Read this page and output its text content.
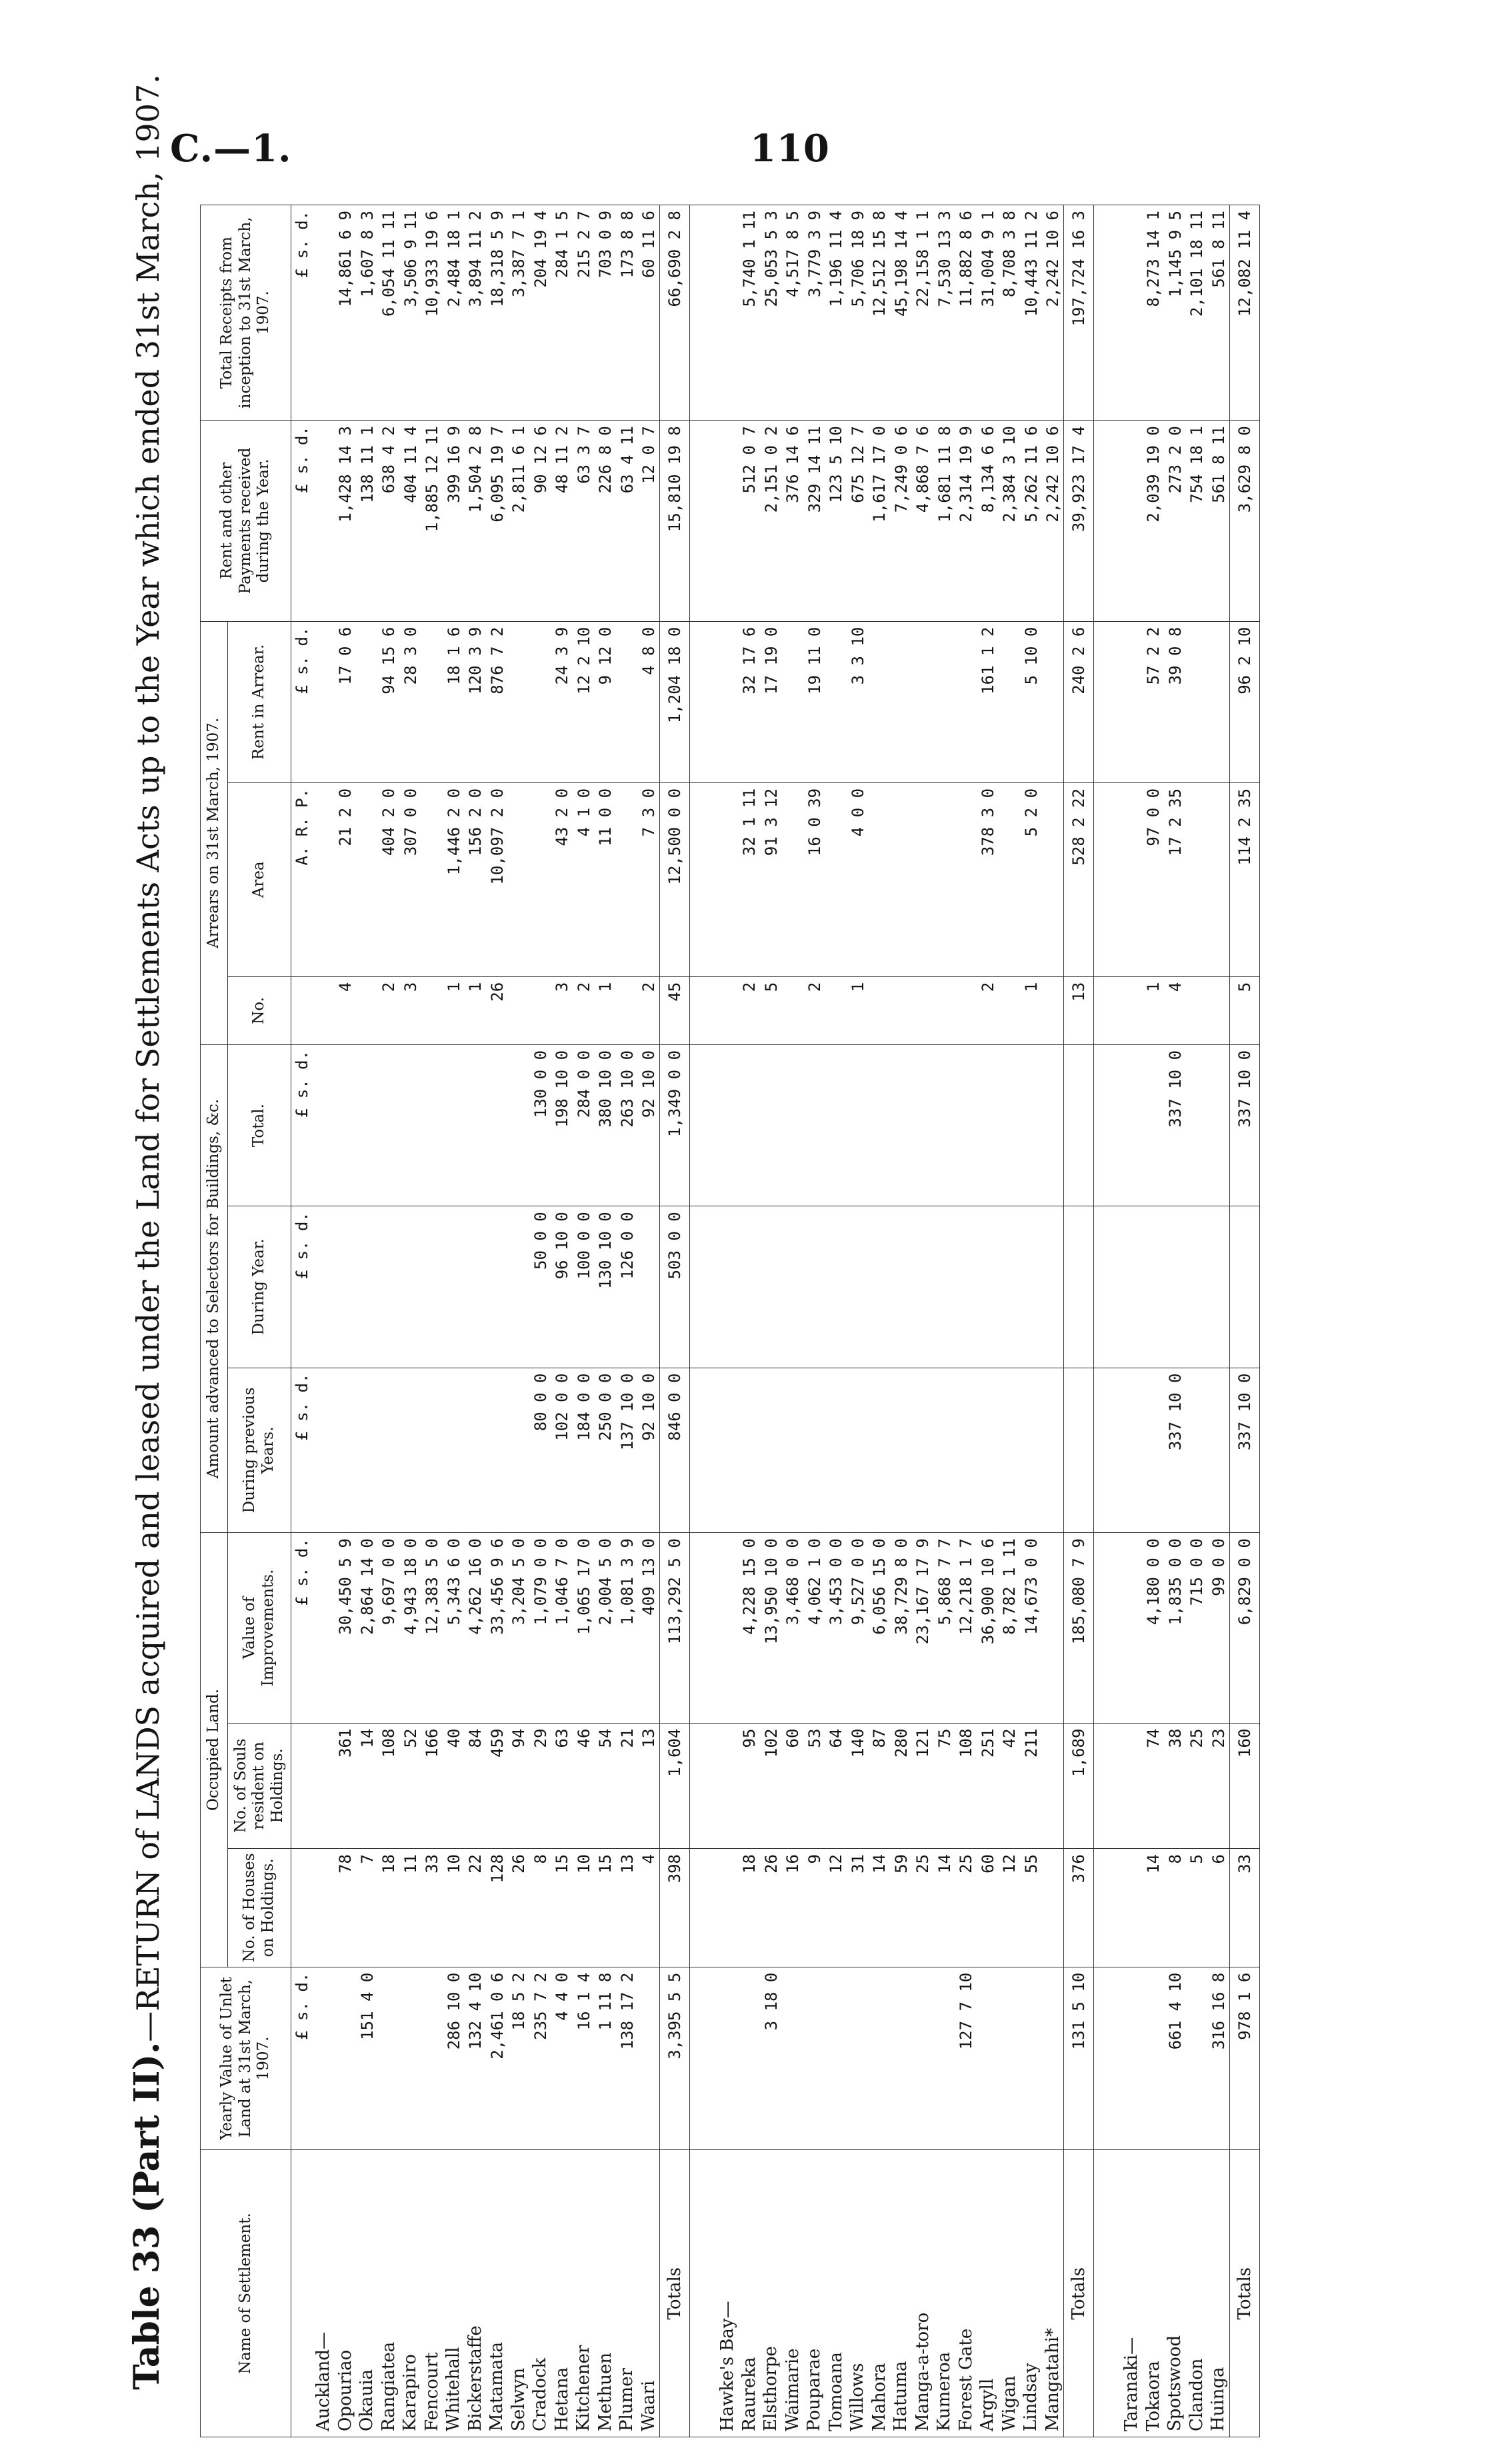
C.—1.	110
Table 33 (Part II).—RETURN of LANDS acquired and leased under the Land for Settlements Acts up to the Year which ended 31st March, 1907.
Name of Settlement.	Yearly Value of Unlet Land at 31st March, 1907.	Occupied Land.			Amount advanced to Selectors for Buildings, &c.			Arrears on 31st March, 1907.			Rent and other Payments received during the Year.	Total Receipts from inception to 31st March, 1907.
		No. of Houses on Holdings.	No. of Souls resident on Holdings.	Value of Improvements.	During previous Years.	During Year.	Total.	No.	Area	Rent in Arrear.		
	£ s. d.			£ s. d.	£ s. d.	£ s. d.	£ s. d.		A. R. P.	£ s. d.	£ s. d.	£ s. d.
Auckland—												
Opouriao		78	361	30,450 5 9				4	21 2 0	17 0 6	1,428 14 3	14,861 6 9
Okauia	151 4 0	7	14	2,864 14 0							138 11 1	1,607 8 3
Rangiatea		18	108	9,697 0 0				2	404 2 0	94 15 6	638 4 2	6,054 11 11
Karapiro		11	52	4,943 18 0				3	307 0 0	28 3 0	404 11 4	3,506 9 11
Fencourt		33	166	12,383 5 0							1,885 12 11	10,933 19 6
Whitehall	286 10 0	10	40	5,343 6 0				1	1,446 2 0	18 1 6	399 16 9	2,484 18 1
Bickerstaffe	132 4 10	22	84	4,262 16 0				1	156 2 0	120 3 9	1,504 2 8	3,894 11 2
Matamata	2,461 0 6	128	459	33,456 9 6				26	10,097 2 0	876 7 2	6,095 19 7	18,318 5 9
Selwyn	18 5 2	26	94	3,204 5 0							2,811 6 1	3,387 7 1
Cradock	235 7 2	8	29	1,079 0 0	80 0 0	50 0 0	130 0 0				90 12 6	204 19 4
Hetana	4 4 0	15	63	1,046 7 0	102 0 0	96 10 0	198 10 0	3	43 2 0	24 3 9	48 11 2	284 1 5
Kitchener	16 1 4	10	46	1,065 17 0	184 0 0	100 0 0	284 0 0	2	4 1 0	12 2 10	63 3 7	215 2 7
Methuen	1 11 8	15	54	2,004 5 0	250 0 0	130 10 0	380 10 0	1	11 0 0	9 12 0	226 8 0	703 0 9
Plumer	138 17 2	13	21	1,081 3 9	137 10 0	126 0 0	263 10 0				63 4 11	173 8 8
Waari		4	13	409 13 0	92 10 0		92 10 0	2	7 3 0	4 8 0	12 0 7	60 11 6
Totals	3,395 5 5	398	1,604	113,292 5 0	846 0 0	503 0 0	1,349 0 0	45	12,500 0 0	1,204 18 0	15,810 19 8	66,690 2 8

Hawke's Bay—												
Raureka		18	95	4,228 15 0				2	32 1 11	32 17 6	512 0 7	5,740 1 11
Elsthorpe	3 18 0	26	102	13,950 10 0				5	91 3 12	17 19 0	2,151 0 2	25,053 5 3
Waimarie		16	60	3,468 0 0							376 14 6	4,517 8 5
Pouparae		9	53	4,062 1 0				2	16 0 39	19 11 0	329 14 11	3,779 3 9
Tomoana		12	64	3,453 0 0							123 5 10	1,196 11 4
Willows		31	140	9,527 0 0				1	4 0 0	3 3 10	675 12 7	5,706 18 9
Mahora		14	87	6,056 15 0							1,617 17 0	12,512 15 8
Hatuma		59	280	38,729 8 0							7,249 0 6	45,198 14 4
Manga-a-toro		25	121	23,167 17 9							4,868 7 6	22,158 1 1
Kumeroa		14	75	5,868 7 7							1,681 11 8	7,530 13 3
Forest Gate	127 7 10	25	108	12,218 1 7							2,314 19 9	11,882 8 6
Argyll		60	251	36,900 10 6				2	378 3 0	161 1 2	8,134 6 6	31,004 9 1
Wigan		12	42	8,782 1 11							2,384 3 10	8,708 3 8
Lindsay		55	211	14,673 0 0				1	5 2 0	5 10 0	5,262 11 6	10,443 11 2
Mangatahi*											2,242 10 6	2,242 10 6
Totals	131 5 10	376	1,689	185,080 7 9				13	528 2 22	240 2 6	39,923 17 4	197,724 16 3

Taranaki—												
Tokaora		14	74	4,180 0 0				1	97 0 0	57 2 2	2,039 19 0	8,273 14 1
Spotswood	661 4 10	8	38	1,835 0 0	337 10 0		337 10 0	4	17 2 35	39 0 8	273 2 0	1,145 9 5
Clandon		5	25	715 0 0							754 18 1	2,101 18 11
Huinga	316 16 8	6	23	99 0 0							561 8 11	561 8 11
Totals	978 1 6	33	160	6,829 0 0	337 10 0		337 10 0	5	114 2 35	96 2 10	3,629 8 0	12,082 11 4
